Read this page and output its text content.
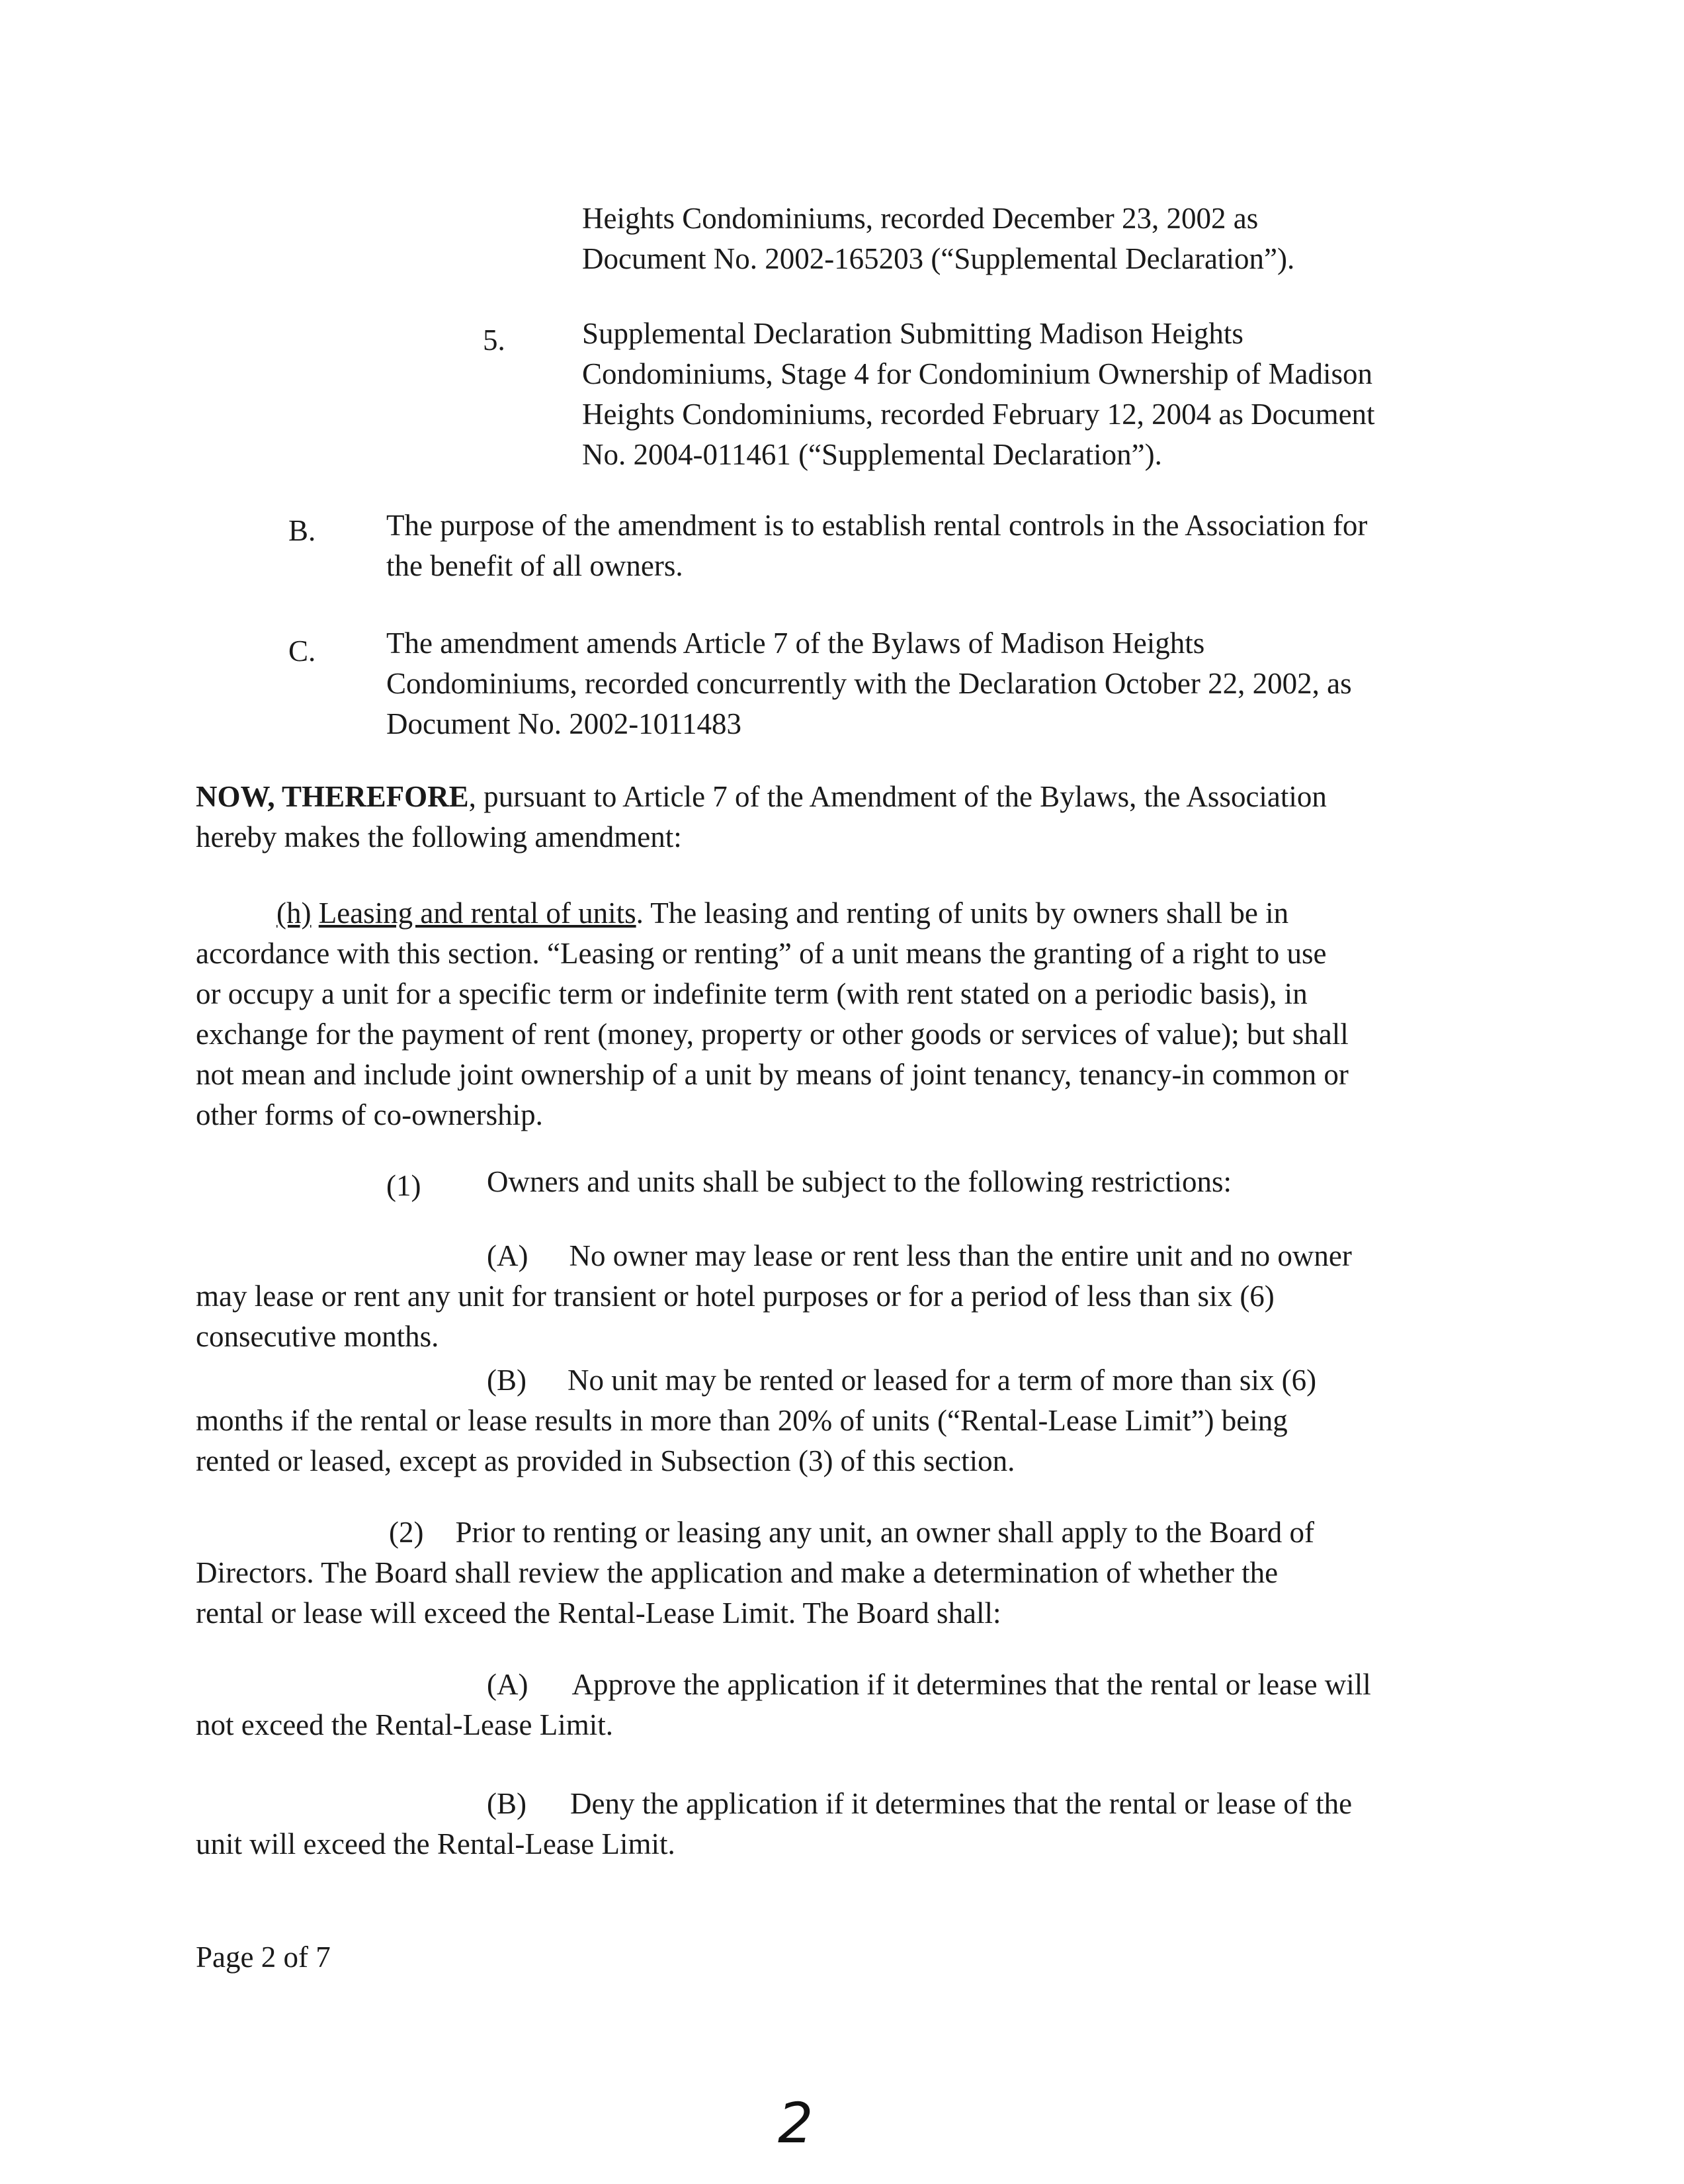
Heights Condominiums, recorded December 23, 2002 as
Document No. 2002-165203 (“Supplemental Declaration”).
5.	Supplemental Declaration Submitting Madison Heights
Condominiums, Stage 4 for Condominium Ownership of Madison
Heights Condominiums, recorded February 12, 2004 as Document
No. 2004-011461 (“Supplemental Declaration”).
B. The purpose of the amendment is to establish rental controls in the Association for
the benefit of all owners.
C. The amendment amends Article 7 of the Bylaws of Madison Heights
Condominiums, recorded concurrently with the Declaration October 22, 2002, as
Document No. 2002-1011483
NOW, THEREFORE, pursuant to Article 7 of the Amendment of the Bylaws, the Association
hereby makes the following amendment:
(h) Leasing and rental of units. The leasing and renting of units by owners shall be in
accordance with this section. “Leasing or renting” of a unit means the granting of a right to use
or occupy a unit for a specific term or indefinite term (with rent stated on a periodic basis), in
exchange for the payment of rent (money, property or other goods or services of value); but shall
not mean and include joint ownership of a unit by means of joint tenancy, tenancy-in common or
other forms of co-ownership.
(1) Owners and units shall be subject to the following restrictions:
(A) No owner may lease or rent less than the entire unit and no owner
may lease or rent any unit for transient or hotel purposes or for a period of less than six (6)
consecutive months.
(B) No unit may be rented or leased for a term of more than six (6)
months if the rental or lease results in more than 20% of units (“Rental-Lease Limit”) being
rented or leased, except as provided in Subsection (3) of this section.
(2) Prior to renting or leasing any unit, an owner shall apply to the Board of
Directors. The Board shall review the application and make a determination of whether the
rental or lease will exceed the Rental-Lease Limit. The Board shall:
(A) Approve the application if it determines that the rental or lease will
not exceed the Rental-Lease Limit.
(B) Deny the application if it determines that the rental or lease of the
unit will exceed the Rental-Lease Limit.
Page 2 of 7
2
